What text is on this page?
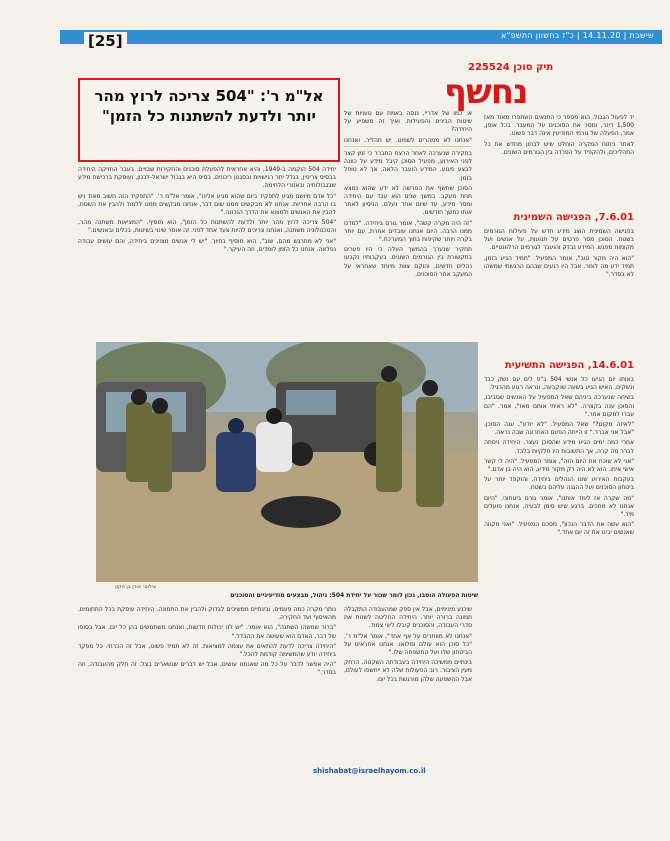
שישבת | 14.11.20 | כ"ז בחשוון התשפ"א
[25]
תיק סוכן 225524
נחשף
אל"מ ר': "504 צריכה לרוץ מהר
יותר ולדעת להשתנות כל הזמן"

יחידה 504 הוקמה ב-1949, והיא אחראית להפעלת סוכנים והחקירות שבויים. בעבר החזיקה היחידה בבסיס צריפין, בגלל יתר רגישויות ובסגנון ריכוזים, בסיס היא בגבול ישראל-לבנון, ועוסקת ברכישת מידע שבגבולותיה ובאזורי הלחימה.

"כל אדם מיושם מגיע לתפקיד ביום שהוא מגיע אלינו", אומר אל"מ ר'. "התפקיד הזה חשוב מאוד ויש בו הרבה אחריות. אנחנו לא מבקשים ממנו שום דבר, אנחנו מבקשים ממנו ללמוד ולהבין את השטח, להבין את האנשים ולמצוא את הדרך הנכונה."

"504 צריכה לרוץ מהר יותר ולדעת להשתנות כל הזמן", הוא מוסיף. "המציאות משתנה מהר, והטכנולוגיה משתנה, ואנחנו צריכים להיות צעד אחד לפני. זה אומר שינוי בשיטות, בכלים ובאנשים."

"אני לא מתרגש מהם, שוב", הוא מוסיף בחיוך. "יש לי אנשים מצוינים ביחידה, והם עושים עבודה נפלאה. אנחנו כל הזמן לומדים, וזה העיקר."

א: כמו של אדריי, ננסה באמת עם טעויות של שיטות הבינים והפעילות. ואיך זה משפיע על היחידה?

"אנחנו לא ממהרים לשפוט. יש תהליך, ואנחנו

בחקירה שנערכה לאחר הרצח התברר כי זמן קצר לפני האירוע, מפעיל הסוכן קיבל מידע על כוונה לבצע פיגוע. המידע הועבר הלאה, אך לא טופל בזמן.

הסוכן שחשף את הפרשה לא ידע שהוא נמצא תחת מעקב. במשך שנים הוא עבד עם היחידה ומסר מידע, עד שיום אחד נעלם. הניסיון לאתר אותו נמשך חודשים.

"זה היה מקרה קשה", אומר גורם ביחידה. "למדנו ממנו הרבה. היום אנחנו עובדים אחרת, עם יותר בקרה ויותר שקיפות בתוך המערכת."

תחקיר שנערך בהמשך העלה כי היו פערים בתקשורת בין הגורמים השונים. בעקבותיו נקבעו נהלים חדשים, והוקם צוות מיוחד שאחראי על המעקב אחר הסוכנים.

יד לפעול הגבול. הוא מספר כי התנאים השתפרו מאוד מאז 1,500 דינר, ומסר את הסוכנים על המעבר. בכל אופן, אמר, הפעלה של גורמי המודיעין אינה דבר פשוט.

לאחר ניתוח המקרה הוחלט שיש לבחון מחדש את כל התהליכים, ולהקפיד על הפרדה בין הגורמים השונים.

7.6.01, הפגישה השמינית

בפגישה השמינית הוצג מידע חדש על פעילות הגורמים בשטח. הסוכן מסר פרטים על תנועות, על אנשים ועל מקומות מפגש. המידע נבדק והועבר לגורמים הרלוונטיים.

"הוא היה מקור טוב", אומר המפעיל. "תמיד הגיע בזמן, תמיד ידע מה לומר. אבל היו רגעים שבהם הרגשתי שמשהו לא בסדר."

14.6.01, הפגישה התשיעית

באותו יום הגיעו כל אנשי 504 ב"פ לים עם נשק כבד ונשקים. האיש הגיע בשעה שנקבעה, ונראה רגוע מהרגיל.

בשיחה שנערכה ביניהם שאל המפעיל על האנשים שסביבו, והסוכן ענה בקצרה. "לא ראיתי אותם מאז", אמר. "הם עברו למקום אחר."

"לאיזה מקום?" שאל המפעיל. "לא יודע", ענה הסוכן. "אבל אני אברר." זו הייתה הפעם האחרונה שבה נראה.

אחרי כמה ימים הגיע מידע שהסוכן נעצר. היחידה ניסתה לברר מה קרה, אך התשובות היו חלקיות בלבד.

"אני לא שוכח את היום הזה", אומר המפעיל. "היה לי קשר אישי איתו. הוא לא היה רק מקור מידע, הוא היה בן אדם."

בעקבות האירוע שונו הנהלים ביחידה, והוקפד יותר על ביטחון הסוכנים ועל ההגנה עליהם בשטח.

"מה שקרה אז לימד אותנו", אומר גורם ביטחוני. "היום אנחנו לא מחכים. ברגע שיש סימן לבעיה, אנחנו פועלים מיד."

"הוא עשה את הדבר הנכון", מסכם המפעיל. "ואני מקווה שאנשים יבינו את זה יום אחד."

צילום: אורן בן חקון
שיטות הפעולה הוסבו, נכון לומר שכור על יחידת 504: ניהול, מבצעים מודיעיניים והסוכנים

נותר מקרה כמה פעמים, ובינתיים ממשיכים לבדוק ולהבין את התמונה. היחידה עוסקת בכל התחומים, מהאיסוף ועד החקירה.

"ברור שמשהו השתנה", הוא אומר. "יש לנו יכולות חדשות, ואנחנו משתמשים בהן כל יום. אבל בסופו של דבר, האדם הוא שעושה את ההבדל."

"היחידה צריכה לדעת להתאים את עצמה למציאות. זה לא תמיד פשוט, אבל זה הכרחי. כל מפקד ביחידה יודע שהמשימה קודמת להכל."

"היה אפשר לדבר על כל מה שאנחנו עושים, אבל יש דברים שנשארים בצל. זה חלק מהעבודה, וזה בסדר."

שיכנע מינימים, אבל אין ספק שמהעבודה התקבלה תמונה ברורה יותר. היחידה החליטה לשנות את סדרי העבודה, והסוכנים קיבלו ליווי צמוד.

"אנחנו לא מוותרים על אף אחד", אומר אל"מ ר'. "כל סוכן הוא עולם ומלואו. אנחנו אחראים על הביטחון שלו ועל המשפחה שלו."

בינתיים ממשיכה היחידה בעבודתה השקטה, הרחק מעין הציבור. רוב הפעולות שלה לא ייחשפו לעולם, אבל ההשפעה שלהן מורגשת בכל יום.

shishabat@israelhayom.co.il
